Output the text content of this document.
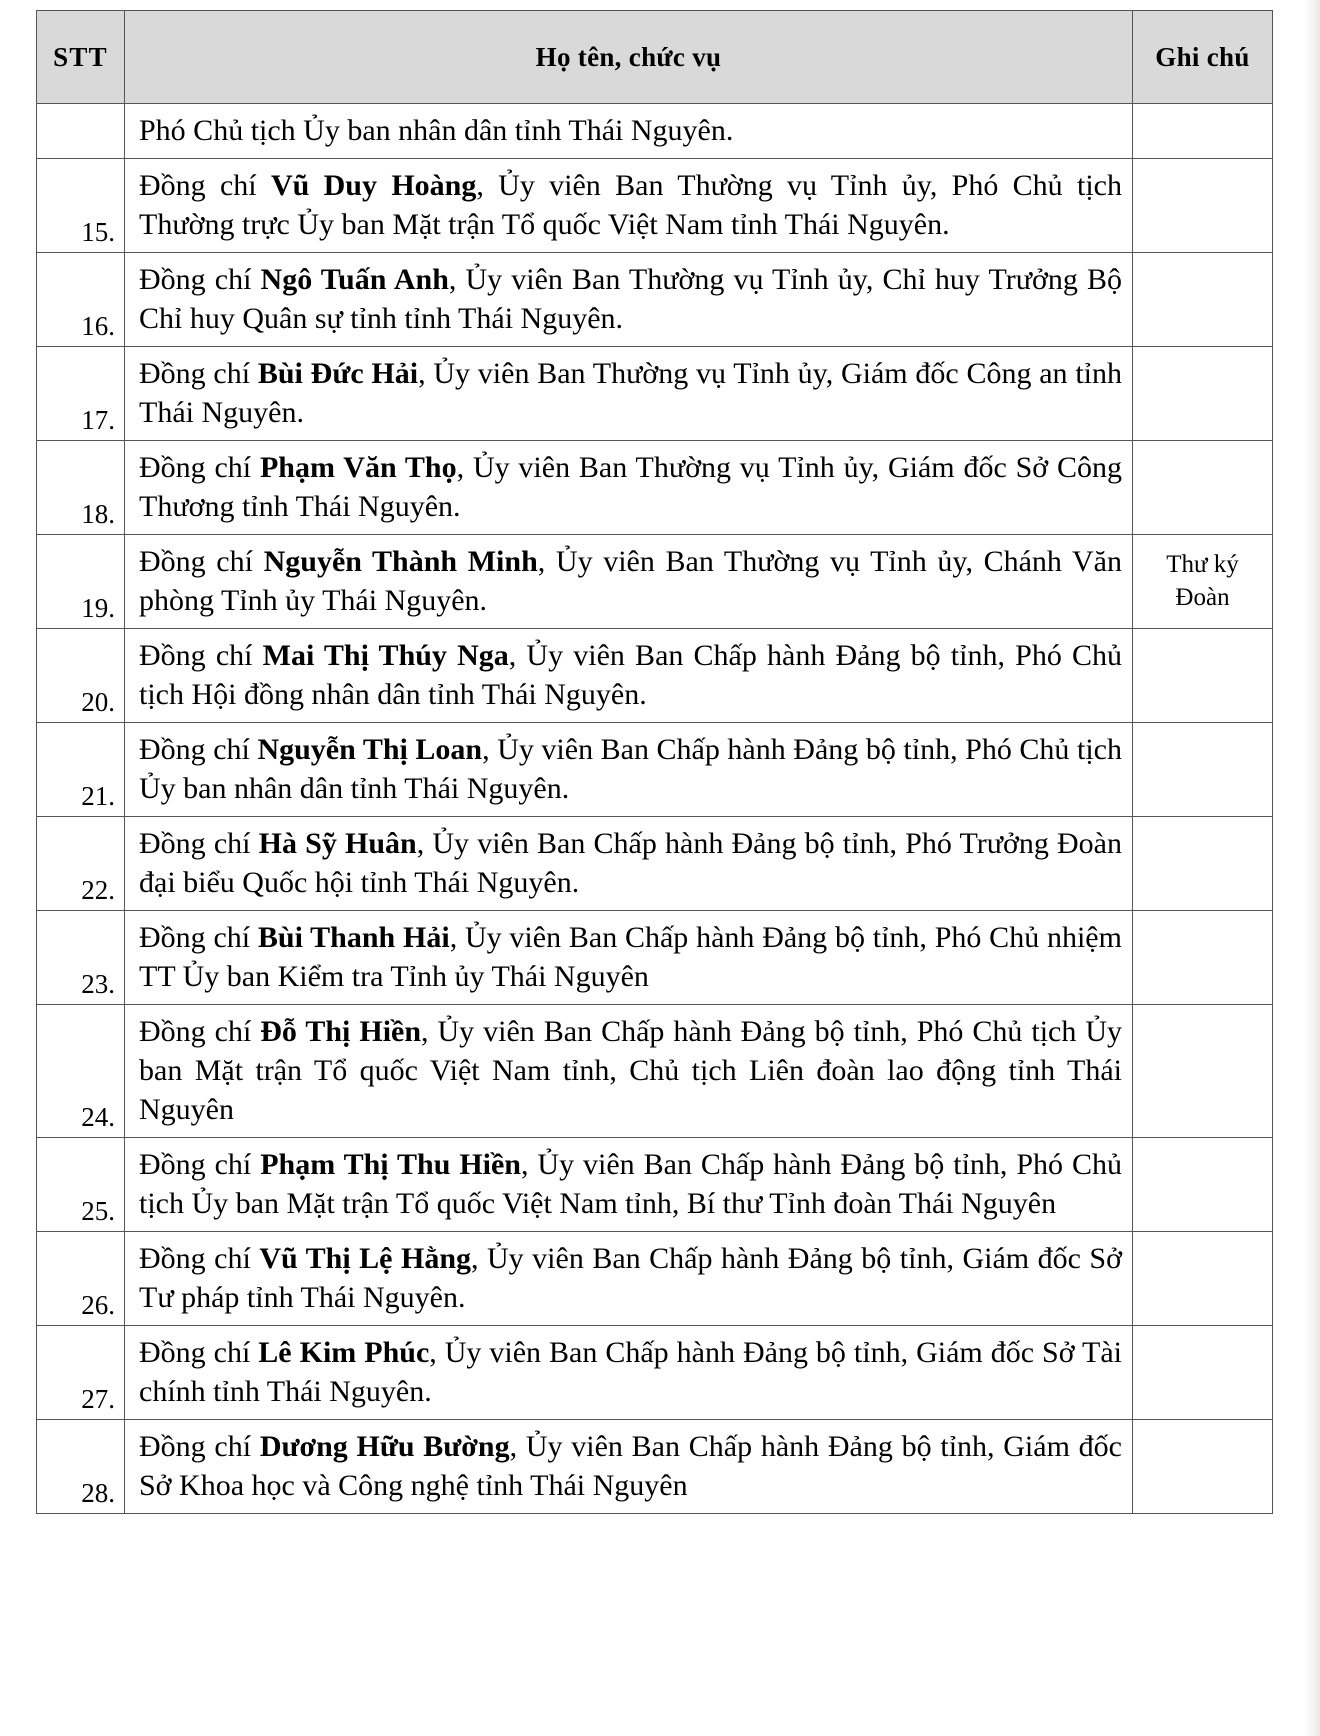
STT	Họ tên, chức vụ	Ghi chú
	Phó Chủ tịch Ủy ban nhân dân tỉnh Thái Nguyên.	
15.	Đồng chí Vũ Duy Hoàng, Ủy viên Ban Thường vụ Tỉnh ủy, Phó Chủ tịch Thường trực Ủy ban Mặt trận Tổ quốc Việt Nam tỉnh Thái Nguyên.	
16.	Đồng chí Ngô Tuấn Anh, Ủy viên Ban Thường vụ Tỉnh ủy, Chỉ huy Trưởng Bộ Chỉ huy Quân sự tỉnh tỉnh Thái Nguyên.	
17.	Đồng chí Bùi Đức Hải, Ủy viên Ban Thường vụ Tỉnh ủy, Giám đốc Công an tỉnh Thái Nguyên.	
18.	Đồng chí Phạm Văn Thọ, Ủy viên Ban Thường vụ Tỉnh ủy, Giám đốc Sở Công Thương tỉnh Thái Nguyên.	
19.	Đồng chí Nguyễn Thành Minh, Ủy viên Ban Thường vụ Tỉnh ủy, Chánh Văn phòng Tỉnh ủy Thái Nguyên.	Thư ký Đoàn
20.	Đồng chí Mai Thị Thúy Nga, Ủy viên Ban Chấp hành Đảng bộ tỉnh, Phó Chủ tịch Hội đồng nhân dân tỉnh Thái Nguyên.	
21.	Đồng chí Nguyễn Thị Loan, Ủy viên Ban Chấp hành Đảng bộ tỉnh, Phó Chủ tịch Ủy ban nhân dân tỉnh Thái Nguyên.	
22.	Đồng chí Hà Sỹ Huân, Ủy viên Ban Chấp hành Đảng bộ tỉnh, Phó Trưởng Đoàn đại biểu Quốc hội tỉnh Thái Nguyên.	
23.	Đồng chí Bùi Thanh Hải, Ủy viên Ban Chấp hành Đảng bộ tỉnh, Phó Chủ nhiệm TT Ủy ban Kiểm tra Tỉnh ủy Thái Nguyên	
24.	Đồng chí Đỗ Thị Hiền, Ủy viên Ban Chấp hành Đảng bộ tỉnh, Phó Chủ tịch Ủy ban Mặt trận Tổ quốc Việt Nam tỉnh, Chủ tịch Liên đoàn lao động tỉnh Thái Nguyên	
25.	Đồng chí Phạm Thị Thu Hiền, Ủy viên Ban Chấp hành Đảng bộ tỉnh, Phó Chủ tịch Ủy ban Mặt trận Tổ quốc Việt Nam tỉnh, Bí thư Tỉnh đoàn Thái Nguyên	
26.	Đồng chí Vũ Thị Lệ Hằng, Ủy viên Ban Chấp hành Đảng bộ tỉnh, Giám đốc Sở Tư pháp tỉnh Thái Nguyên.	
27.	Đồng chí Lê Kim Phúc, Ủy viên Ban Chấp hành Đảng bộ tỉnh, Giám đốc Sở Tài chính tỉnh Thái Nguyên.	
28.	Đồng chí Dương Hữu Bường, Ủy viên Ban Chấp hành Đảng bộ tỉnh, Giám đốc Sở Khoa học và Công nghệ tỉnh Thái Nguyên	
